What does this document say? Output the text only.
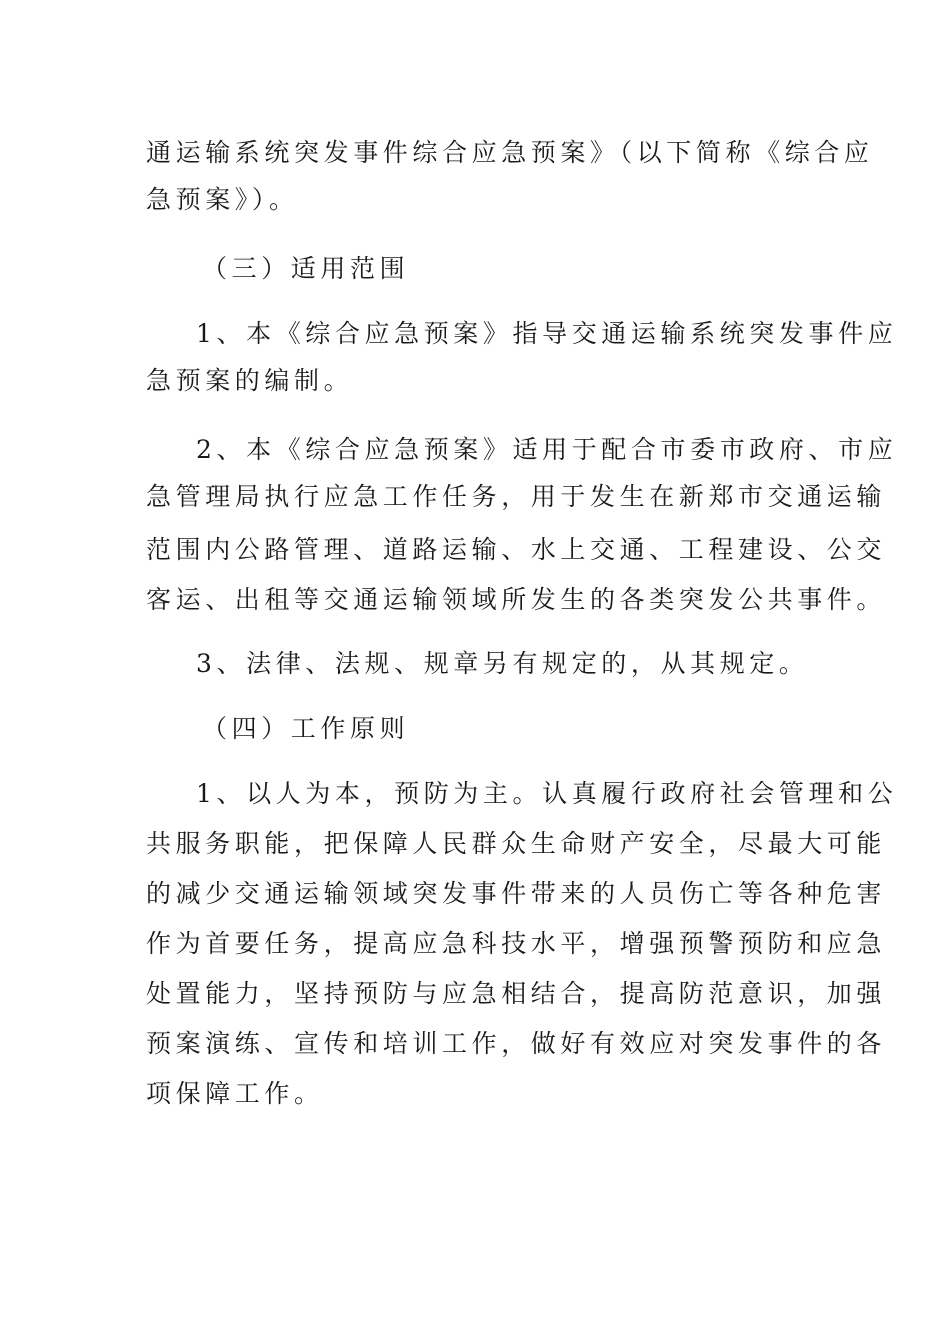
通运输系统突发事件综合应急预案》（以下简称《综合应
急预案》）。
（三）适用范围
1、本《综合应急预案》指导交通运输系统突发事件应
急预案的编制。
2、本《综合应急预案》适用于配合市委市政府、市应
急管理局执行应急工作任务，用于发生在新郑市交通运输
范围内公路管理、道路运输、水上交通、工程建设、公交
客运、出租等交通运输领域所发生的各类突发公共事件。
3、法律、法规、规章另有规定的，从其规定。
（四）工作原则
1、以人为本，预防为主。认真履行政府社会管理和公
共服务职能，把保障人民群众生命财产安全，尽最大可能
的减少交通运输领域突发事件带来的人员伤亡等各种危害
作为首要任务，提高应急科技水平，增强预警预防和应急
处置能力，坚持预防与应急相结合，提高防范意识，加强
预案演练、宣传和培训工作，做好有效应对突发事件的各
项保障工作。
